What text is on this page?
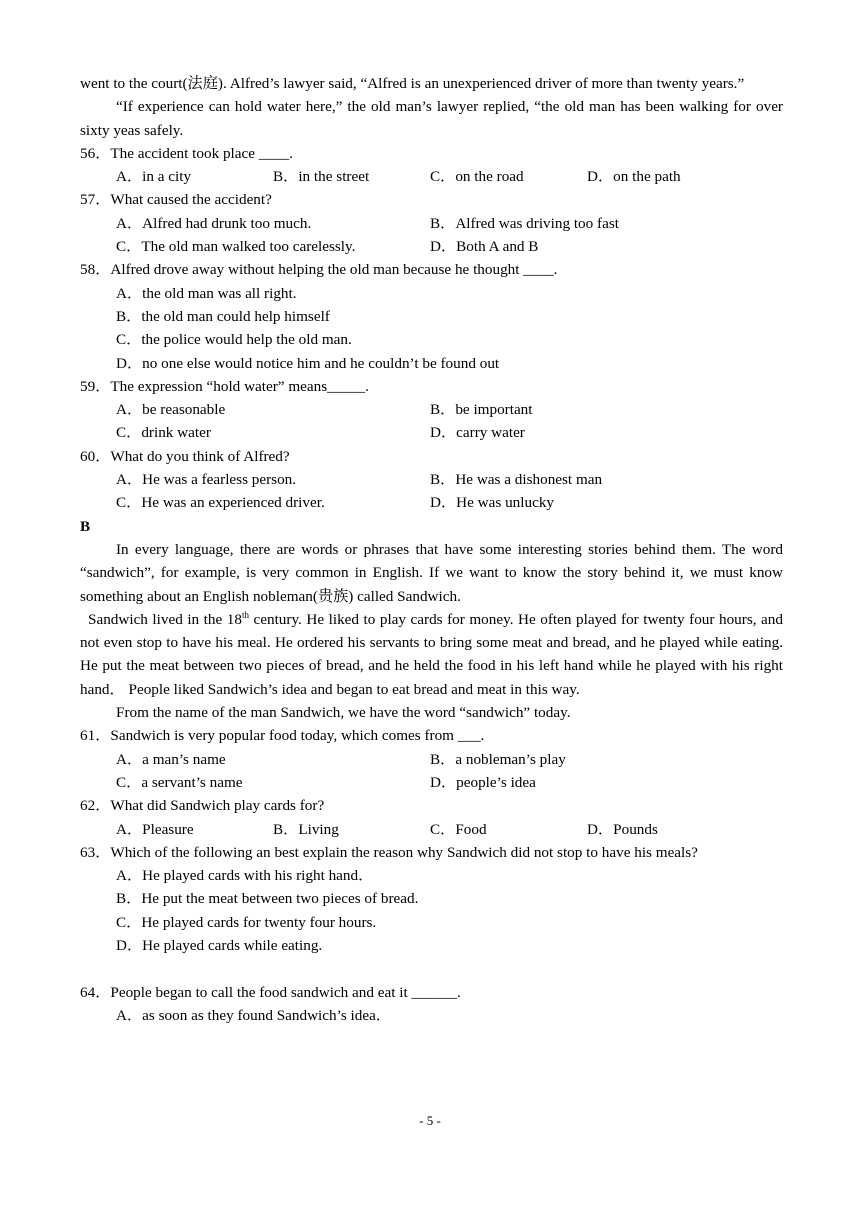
went to the court(法庭). Alfred’s lawyer said, “Alfred is an unexperienced driver of more than twenty years.”

“If experience can hold water here,” the old man’s lawyer replied, “the old man has been walking for over sixty yeas safely.

56．The accident took place ____.

A．in a city	B．in the street	C．on the road	D．on the path

57．What caused the accident?

A．Alfred had drunk too much.	B．Alfred was driving too fast
C．The old man walked too carelessly.	D．Both A and B

58．Alfred drove away without helping the old man because he thought ____.

A．the old man was all right.

B．the old man could help himself

C．the police would help the old man.

D．no one else would notice him and he couldn’t be found out

59．The expression “hold water” means_____.

A．be reasonable	B．be important
C．drink water	D．carry water

60．What do you think of Alfred?

A．He was a fearless person.	B．He was a dishonest man
C．He was an experienced driver.	D．He was unlucky

B

In every language, there are words or phrases that have some interesting stories behind them. The word “sandwich”, for example, is very common in English. If we want to know the story behind it, we must know something about an English nobleman(贵族) called Sandwich.

Sandwich lived in the 18th century. He liked to play cards for money. He often played for twenty four hours, and not even stop to have his meal. He ordered his servants to bring some meat and bread, and he played while eating. He put the meat between two pieces of bread, and he held the food in his left hand while he played with his right hand． People liked Sandwich’s idea and began to eat bread and meat in this way.

From the name of the man Sandwich, we have the word “sandwich” today.

61．Sandwich is very popular food today, which comes from ___.

A．a man’s name	B．a nobleman’s play
C．a servant’s name	D．people’s idea

62．What did Sandwich play cards for?

A．Pleasure	B．Living	C．Food	D．Pounds

63．Which of the following an best explain the reason why Sandwich did not stop to have his meals?

A．He played cards with his right hand．

B．He put the meat between two pieces of bread.

C．He played cards for twenty four hours.

D．He played cards while eating.

64．People began to call the food sandwich and eat it ______.

A．as soon as they found Sandwich’s idea．

- 5 -
